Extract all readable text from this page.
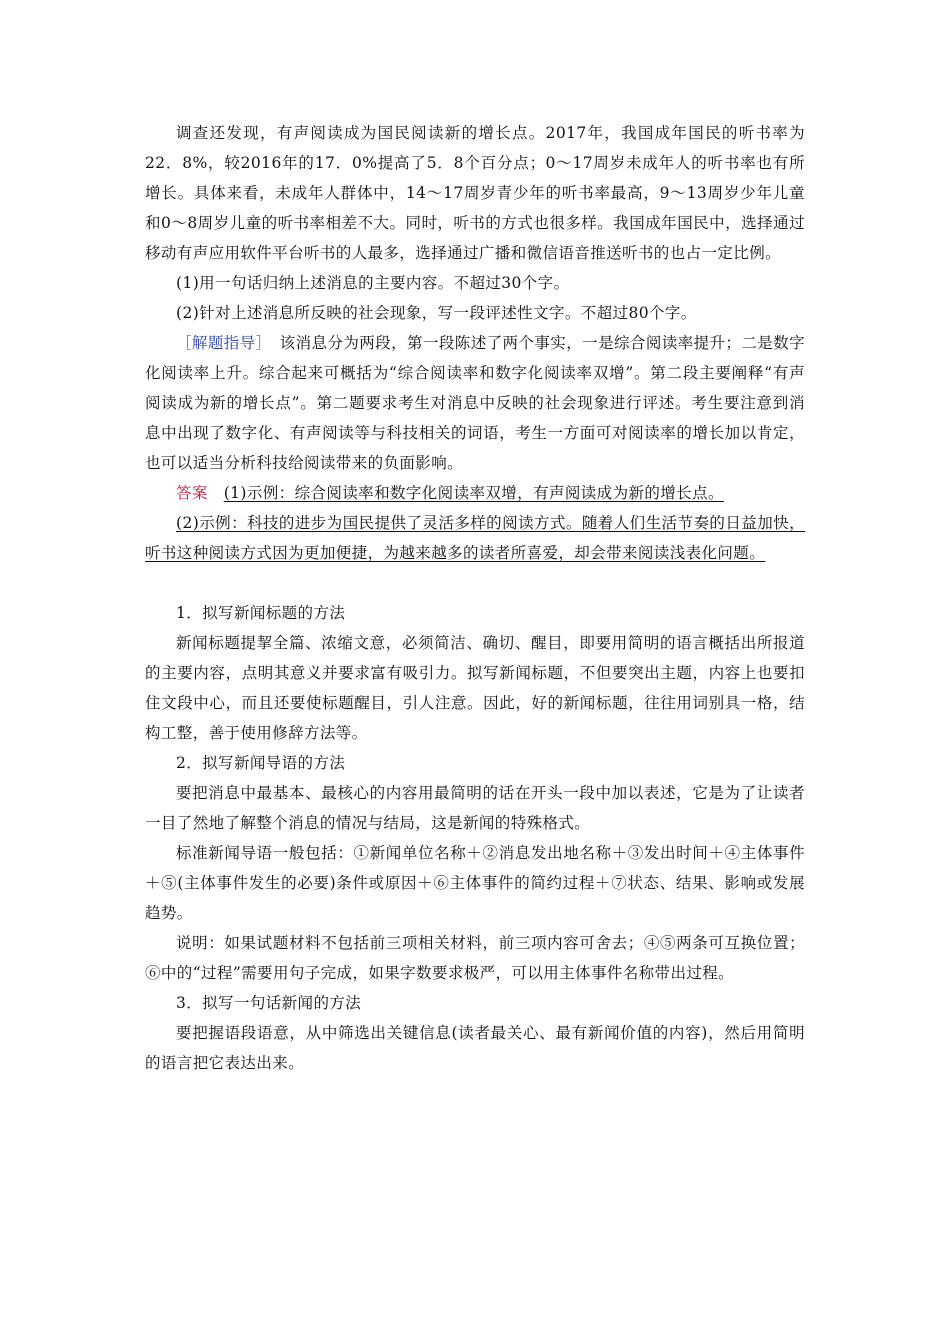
调查还发现，有声阅读成为国民阅读新的增长点。2017年，我国成年国民的听书率为22．8%，较2016年的17．0%提高了5．8个百分点；0～17周岁未成年人的听书率也有所增长。具体来看，未成年人群体中，14～17周岁青少年的听书率最高，9～13周岁少年儿童和0～8周岁儿童的听书率相差不大。同时，听书的方式也很多样。我国成年国民中，选择通过移动有声应用软件平台听书的人最多，选择通过广播和微信语音推送听书的也占一定比例。

(1)用一句话归纳上述消息的主要内容。不超过30个字。

(2)针对上述消息所反映的社会现象，写一段评述性文字。不超过80个字。

［解题指导］　该消息分为两段，第一段陈述了两个事实，一是综合阅读率提升；二是数字化阅读率上升。综合起来可概括为“综合阅读率和数字化阅读率双增”。第二段主要阐释“有声阅读成为新的增长点”。第二题要求考生对消息中反映的社会现象进行评述。考生要注意到消息中出现了数字化、有声阅读等与科技相关的词语，考生一方面可对阅读率的增长加以肯定，也可以适当分析科技给阅读带来的负面影响。

答案　 (1)示例：综合阅读率和数字化阅读率双增，有声阅读成为新的增长点。

(2)示例：科技的进步为国民提供了灵活多样的阅读方式。随着人们生活节奏的日益加快，听书这种阅读方式因为更加便捷，为越来越多的读者所喜爱，却会带来阅读浅表化问题。

1．拟写新闻标题的方法

新闻标题提挈全篇、浓缩文意，必须简洁、确切、醒目，即要用简明的语言概括出所报道的主要内容，点明其意义并要求富有吸引力。拟写新闻标题，不但要突出主题，内容上也要扣住文段中心，而且还要使标题醒目，引人注意。因此，好的新闻标题，往往用词别具一格，结构工整，善于使用修辞方法等。

2．拟写新闻导语的方法

要把消息中最基本、最核心的内容用最简明的话在开头一段中加以表述，它是为了让读者一目了然地了解整个消息的情况与结局，这是新闻的特殊格式。

标准新闻导语一般包括：①新闻单位名称＋②消息发出地名称＋③发出时间＋④主体事件＋⑤(主体事件发生的必要)条件或原因＋⑥主体事件的简约过程＋⑦状态、结果、影响或发展趋势。

说明：如果试题材料不包括前三项相关材料，前三项内容可舍去；④⑤两条可互换位置；⑥中的“过程”需要用句子完成，如果字数要求极严，可以用主体事件名称带出过程。

3．拟写一句话新闻的方法

要把握语段语意，从中筛选出关键信息(读者最关心、最有新闻价值的内容)，然后用简明的语言把它表达出来。
